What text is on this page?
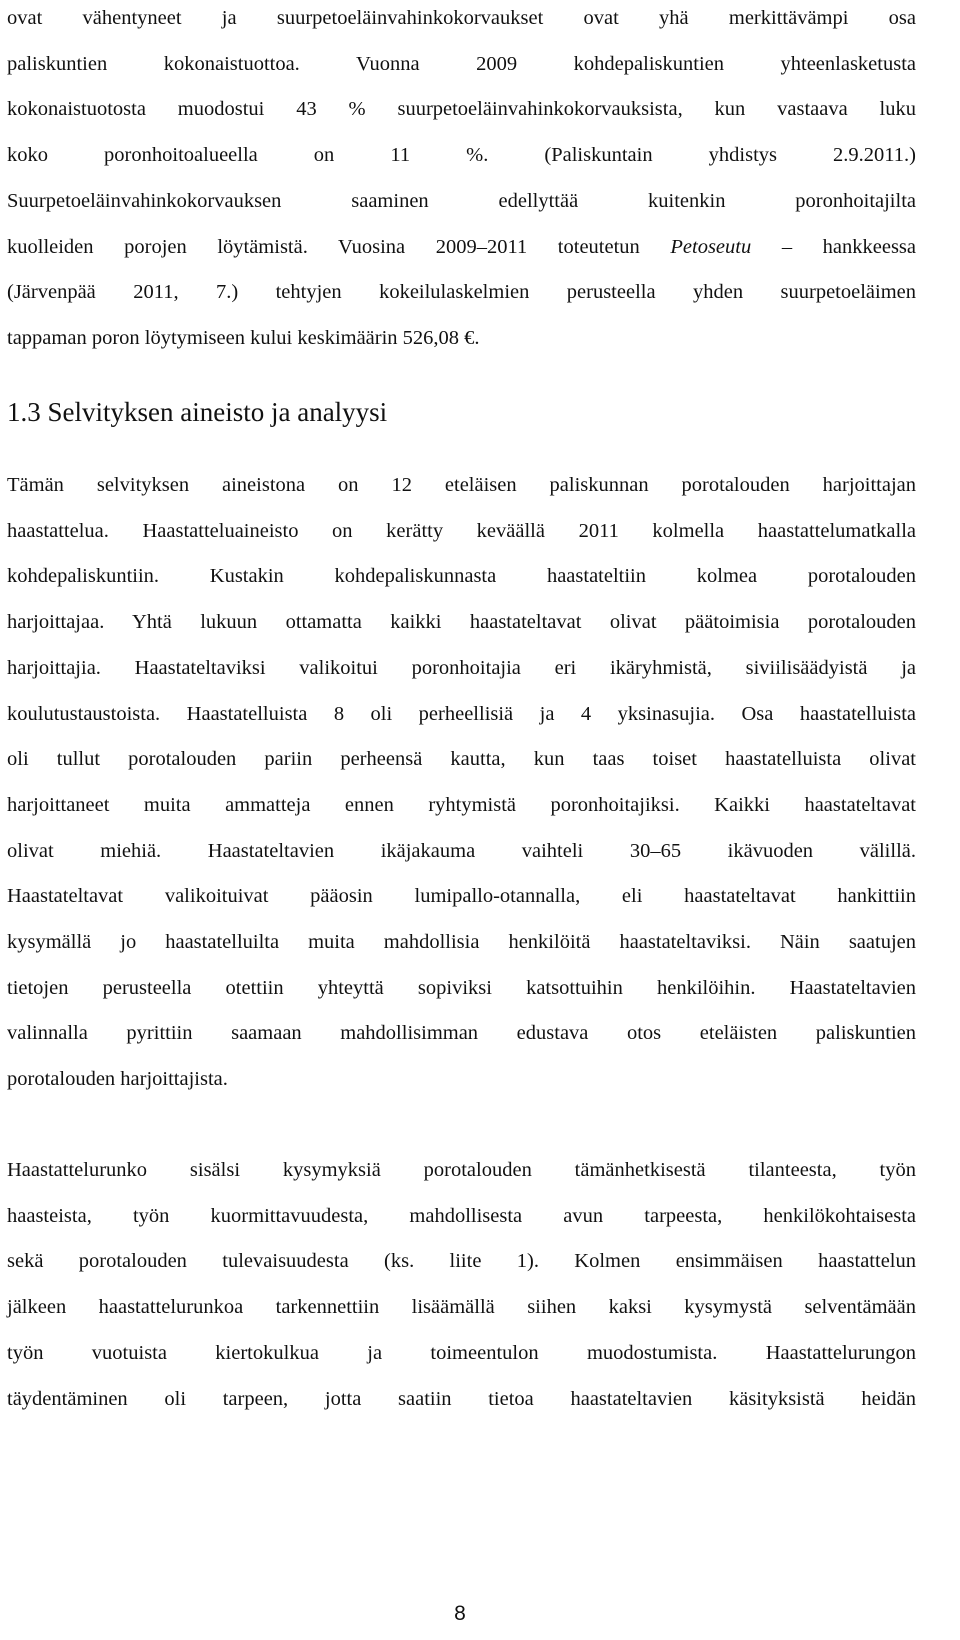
ovat vähentyneet ja suurpetoeläinvahinkokorvaukset ovat yhä merkittävämpi osa
paliskuntien kokonaistuottoa. Vuonna 2009 kohdepaliskuntien yhteenlasketusta
kokonaistuotosta muodostui 43 % suurpetoeläinvahinkokorvauksista, kun vastaava luku
koko poronhoitoalueella on 11 %. (Paliskuntain yhdistys 2.9.2011.)
Suurpetoeläinvahinkokorvauksen saaminen edellyttää kuitenkin poronhoitajilta
kuolleiden porojen löytämistä. Vuosina 2009–2011 toteutetun Petoseutu – hankkeessa
(Järvenpää 2011, 7.) tehtyjen kokeilulaskelmien perusteella yhden suurpetoeläimen
tappaman poron löytymiseen kului keskimäärin 526,08 €.
1.3 Selvityksen aineisto ja analyysi
Tämän selvityksen aineistona on 12 eteläisen paliskunnan porotalouden harjoittajan
haastattelua. Haastatteluaineisto on kerätty keväällä 2011 kolmella haastattelumatkalla
kohdepaliskuntiin. Kustakin kohdepaliskunnasta haastateltiin kolmea porotalouden
harjoittajaa. Yhtä lukuun ottamatta kaikki haastateltavat olivat päätoimisia porotalouden
harjoittajia. Haastateltaviksi valikoitui poronhoitajia eri ikäryhmistä, siviilisäädyistä ja
koulutustaustoista. Haastatelluista 8 oli perheellisiä ja 4 yksinasujia. Osa haastatelluista
oli tullut porotalouden pariin perheensä kautta, kun taas toiset haastatelluista olivat
harjoittaneet muita ammatteja ennen ryhtymistä poronhoitajiksi. Kaikki haastateltavat
olivat miehiä. Haastateltavien ikäjakauma vaihteli 30–65 ikävuoden välillä.
Haastateltavat valikoituivat pääosin lumipallo-otannalla, eli haastateltavat hankittiin
kysymällä jo haastatelluilta muita mahdollisia henkilöitä haastateltaviksi. Näin saatujen
tietojen perusteella otettiin yhteyttä sopiviksi katsottuihin henkilöihin. Haastateltavien
valinnalla pyrittiin saamaan mahdollisimman edustava otos eteläisten paliskuntien
porotalouden harjoittajista.
Haastattelurunko sisälsi kysymyksiä porotalouden tämänhetkisestä tilanteesta, työn
haasteista, työn kuormittavuudesta, mahdollisesta avun tarpeesta, henkilökohtaisesta
sekä porotalouden tulevaisuudesta (ks. liite 1). Kolmen ensimmäisen haastattelun
jälkeen haastattelurunkoa tarkennettiin lisäämällä siihen kaksi kysymystä selventämään
työn vuotuista kiertokulkua ja toimeentulon muodostumista. Haastattelurungon
täydentäminen oli tarpeen, jotta saatiin tietoa haastateltavien käsityksistä heidän
8
